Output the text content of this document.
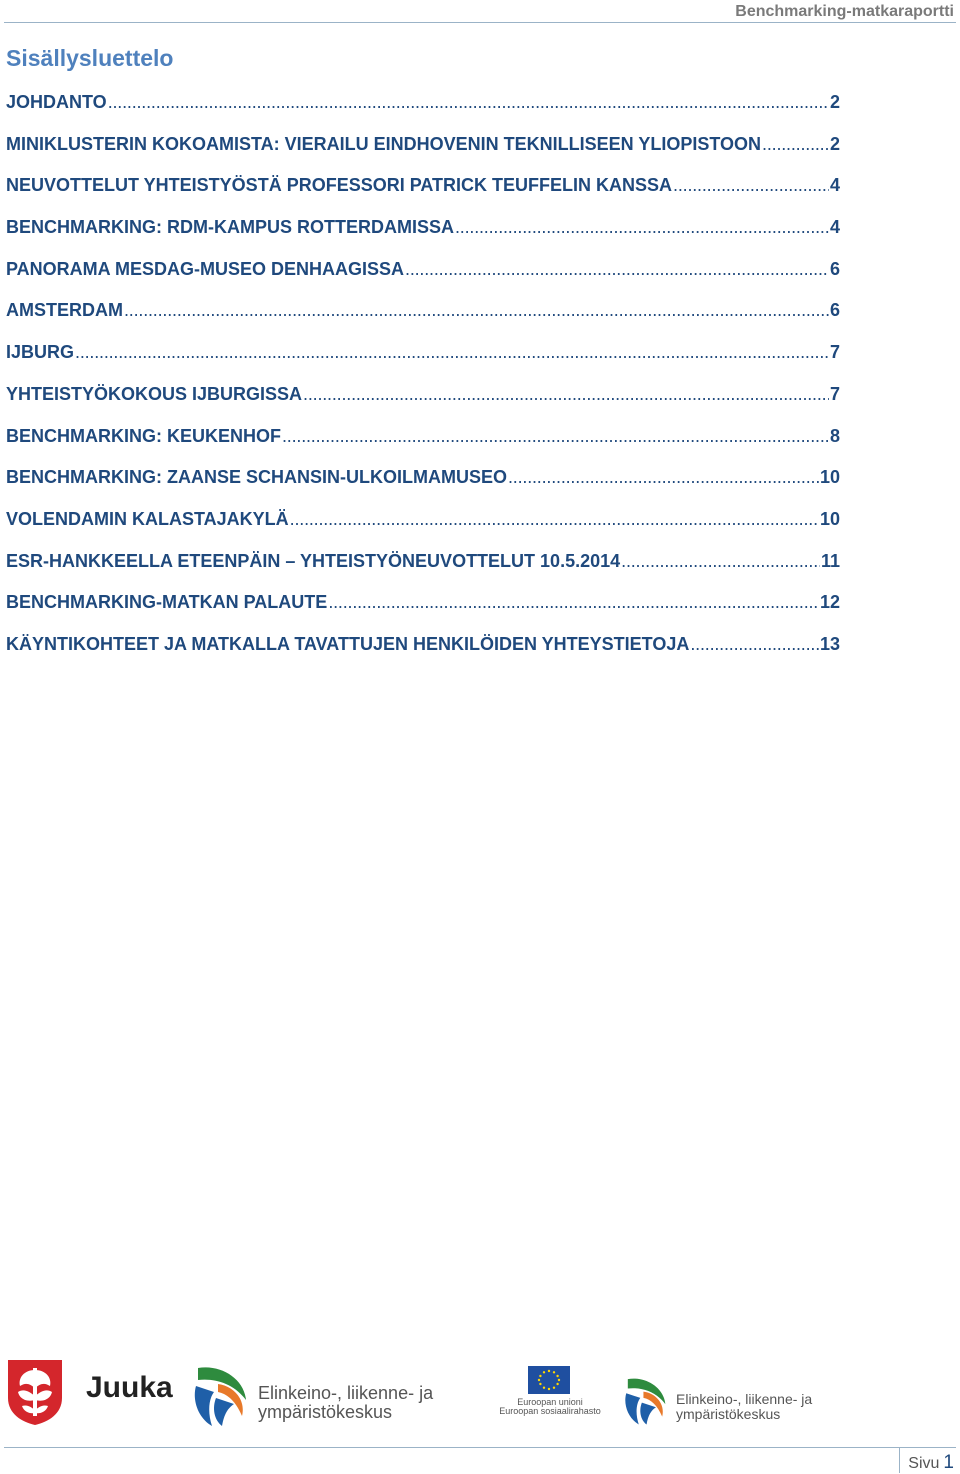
Benchmarking-matkaraportti
Sisällysluettelo
JOHDANTO . . .	2
MINIKLUSTERIN KOKOAMISTA: VIERAILU EINDHOVENIN TEKNILLISEEN YLIOPISTOON . . .	2
NEUVOTTELUT YHTEISTYÖSTÄ PROFESSORI PATRICK TEUFFELIN KANSSA . . .	4
BENCHMARKING: RDM-KAMPUS ROTTERDAMISSA . . .	4
PANORAMA MESDAG-MUSEO DENHAAGISSA . . .	6
AMSTERDAM . . .	6
IJBURG . . .	7
YHTEISTYÖKOKOUS IJBURGISSA . . .	7
BENCHMARKING: KEUKENHOF . . .	8
BENCHMARKING: ZAANSE SCHANSIN-ULKOILMAMUSEO . . .	10
VOLENDAMIN KALASTAJAKYLÄ . . .	10
ESR-HANKKEELLA ETEENPÄIN – YHTEISTYÖNEUVOTTELUT 10.5.2014 . . .	11
BENCHMARKING-MATKAN PALAUTE . . .	12
KÄYNTIKOHTEET JA MATKALLA TAVATTUJEN HENKILÖIDEN YHTEYSTIETOJA . . .	13
Juuka	Elinkeino-, liikenne- ja
ympäristökeskus	Euroopan unioni
Euroopan sosiaalirahasto
Elinkeino-, liikenne- ja
ympäristökeskus
Sivu 1
